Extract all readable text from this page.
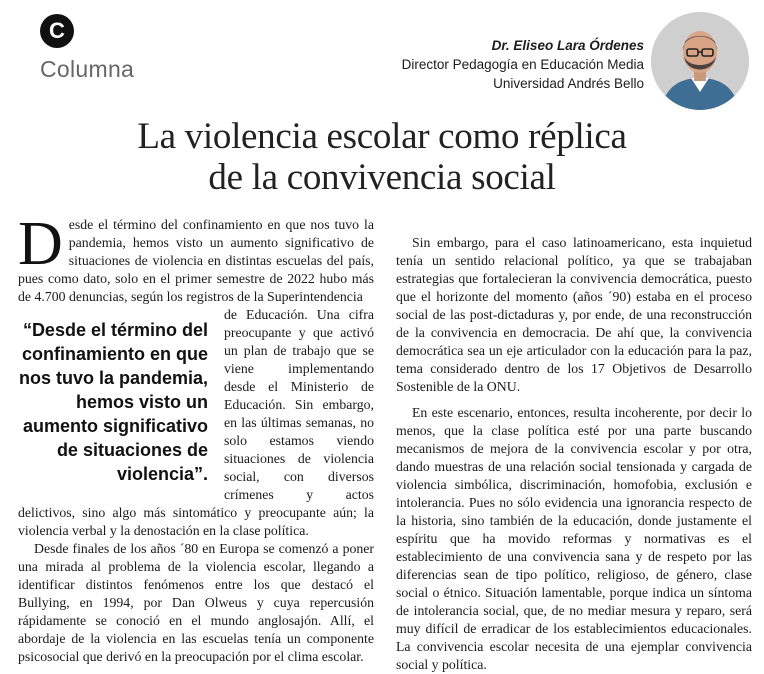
C
Columna
Dr. Eliseo Lara Órdenes
Director Pedagogía en Educación Media
Universidad Andrés Bello
La violencia escolar como réplica
de la convivencia social

Desde el término del confinamiento en que nos tuvo la pandemia, hemos visto un aumento significativo de situaciones de violencia en distintas escuelas del país, pues como dato, solo en el primer semestre de 2022 hubo más de 4.700 denuncias, según los registros de la Superintendencia

“Desde el término del confinamiento en que nos tuvo la pandemia, hemos visto un aumento significativo de situaciones de violencia”.

de Educación. Una cifra preocupante y que activó un plan de trabajo que se viene implementando desde el Ministerio de Educación. Sin embargo, en las últimas semanas, no solo estamos viendo situaciones de violencia social, con diversos crímenes y actos delictivos, sino algo más sintomático y preocupante aún; la violencia verbal y la denostación en la clase política.

Desde finales de los años ´80 en Europa se comenzó a poner una mirada al problema de la violencia escolar, llegando a identificar distintos fenómenos entre los que destacó el Bullying, en 1994, por Dan Olweus y cuya repercusión rápidamente se conoció en el mundo anglosajón. Allí, el abordaje de la violencia en las escuelas tenía un componente psicosocial que derivó en la preocupación por el clima escolar.

Sin embargo, para el caso latinoamericano, esta inquietud tenía un sentido relacional político, ya que se trabajaban estrategias que fortalecieran la convivencia democrática, puesto que el horizonte del momento (años ´90) estaba en el proceso social de las post-dictaduras y, por ende, de una reconstrucción de la convivencia en democracia. De ahí que, la convivencia democrática sea un eje articulador con la educación para la paz, tema considerado dentro de los 17 Objetivos de Desarrollo Sostenible de la ONU.

En este escenario, entonces, resulta incoherente, por decir lo menos, que la clase política esté por una parte buscando mecanismos de mejora de la convivencia escolar y por otra, dando muestras de una relación social tensionada y cargada de violencia simbólica, discriminación, homofobia, exclusión e intolerancia. Pues no sólo evidencia una ignorancia respecto de la historia, sino también de la educación, donde justamente el espíritu que ha movido reformas y normativas es el establecimiento de una convivencia sana y de respeto por las diferencias sean de tipo político, religioso, de género, clase social o étnico. Situación lamentable, porque indica un síntoma de intolerancia social, que, de no mediar mesura y reparo, será muy difícil de erradicar de los establecimientos educacionales. La convivencia escolar necesita de una ejemplar convivencia social y política.
